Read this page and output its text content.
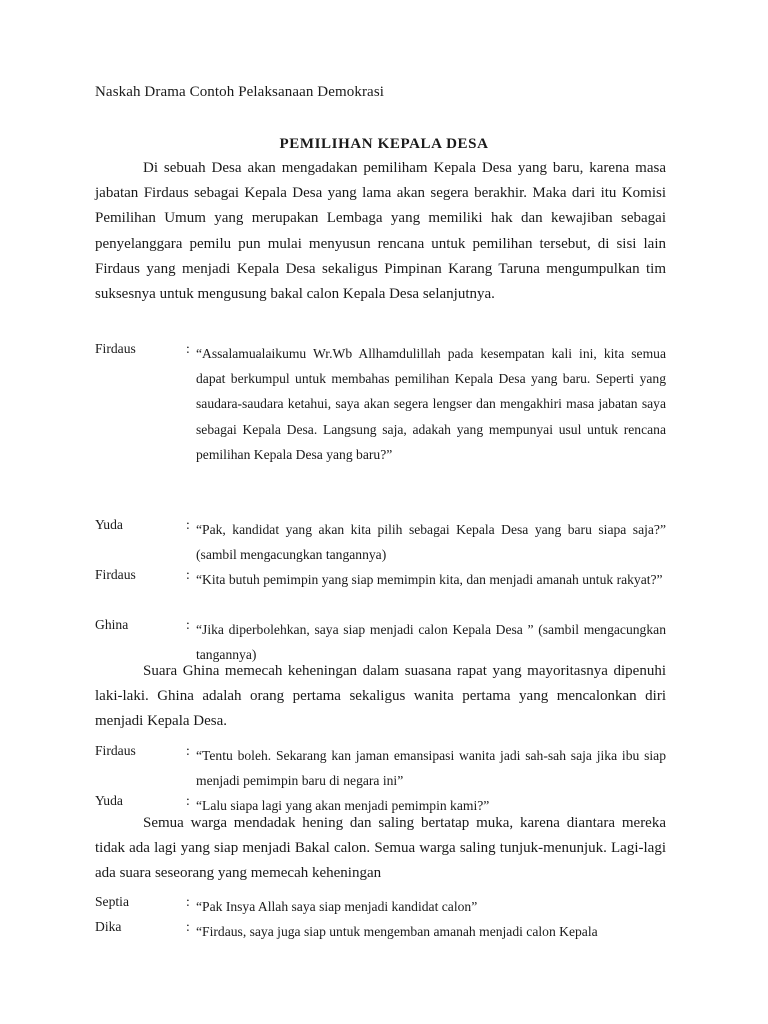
Naskah Drama Contoh Pelaksanaan Demokrasi
PEMILIHAN KEPALA DESA

Di sebuah Desa akan mengadakan pemiliham Kepala Desa yang baru, karena masa jabatan Firdaus sebagai Kepala Desa yang lama akan segera berakhir. Maka dari itu Komisi Pemilihan Umum yang merupakan Lembaga yang memiliki hak dan kewajiban sebagai penyelanggara pemilu pun mulai menyusun rencana untuk pemilihan tersebut, di sisi lain Firdaus yang menjadi Kepala Desa sekaligus Pimpinan Karang Taruna mengumpulkan tim suksesnya untuk mengusung bakal calon Kepala Desa selanjutnya.

Firdaus	: “Assalamualaikumu Wr.Wb Allhamdulillah pada kesempatan kali ini, kita semua dapat berkumpul untuk membahas pemilihan Kepala Desa yang baru. Seperti yang saudara-saudara ketahui, saya akan segera lengser dan mengakhiri masa jabatan saya sebagai Kepala Desa. Langsung saja, adakah yang mempunyai usul untuk rencana pemilihan Kepala Desa yang baru?”
Yuda	: “Pak, kandidat yang akan kita pilih sebagai Kepala Desa yang baru siapa saja?” (sambil mengacungkan tangannya)
Firdaus	: “Kita butuh pemimpin yang siap memimpin kita, dan menjadi amanah untuk rakyat?”
Ghina	: “Jika diperbolehkan, saya siap menjadi calon Kepala Desa ” (sambil mengacungkan tangannya)

Suara Ghina memecah keheningan dalam suasana rapat yang mayoritasnya dipenuhi laki-laki. Ghina adalah orang pertama sekaligus wanita pertama yang mencalonkan diri menjadi Kepala Desa.

Firdaus	: “Tentu boleh. Sekarang kan jaman emansipasi wanita jadi sah-sah saja jika ibu siap menjadi pemimpin baru di negara ini”
Yuda	: “Lalu siapa lagi yang akan menjadi pemimpin kami?”

Semua warga mendadak hening dan saling bertatap muka, karena diantara mereka tidak ada lagi yang siap menjadi Bakal calon. Semua warga saling tunjuk-menunjuk. Lagi-lagi ada suara seseorang yang memecah keheningan

Septia	: “Pak Insya Allah saya siap menjadi kandidat calon”
Dika	: “Firdaus, saya juga siap untuk mengemban amanah menjadi calon Kepala
